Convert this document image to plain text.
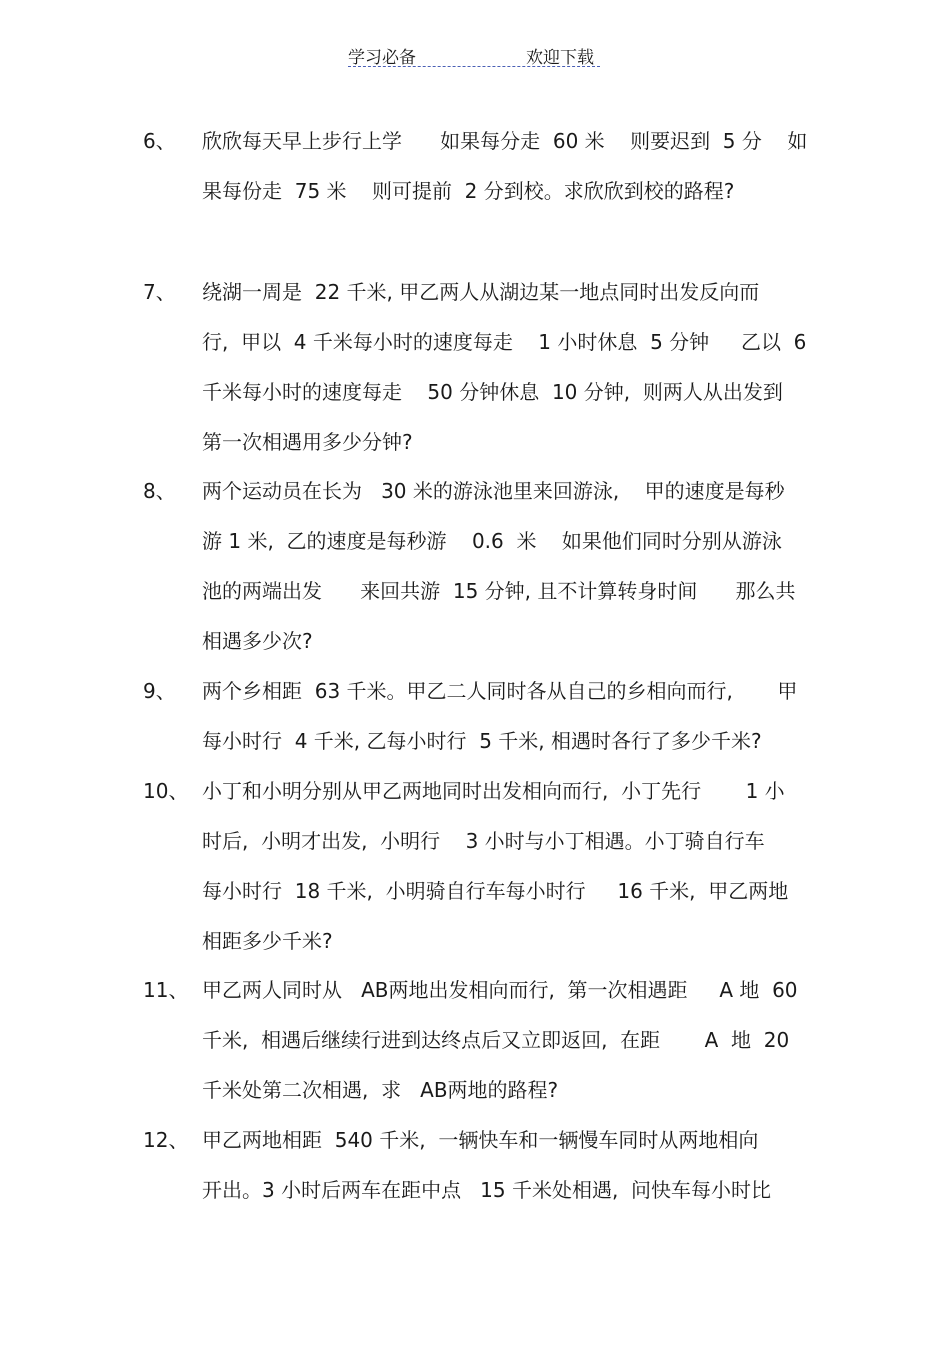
学习必备	欢迎下载
6、 欣欣每天早上步行上学      如果每分走  60 米    则要迟到  5 分    如
果每份走  75 米    则可提前  2 分到校。求欣欣到校的路程?
7、 绕湖一周是  22 千米, 甲乙两人从湖边某一地点同时出发反向而
行,  甲以  4 千米每小时的速度每走    1 小时休息  5 分钟     乙以  6
千米每小时的速度每走    50 分钟休息  10 分钟,  则两人从出发到
第一次相遇用多少分钟?
8、 两个运动员在长为   30 米的游泳池里来回游泳,    甲的速度是每秒
游 1 米,  乙的速度是每秒游    0.6  米    如果他们同时分别从游泳
池的两端出发      来回共游  15 分钟, 且不计算转身时间      那么共
相遇多少次?
9、 两个乡相距  63 千米。甲乙二人同时各从自己的乡相向而行,       甲
每小时行  4 千米, 乙每小时行  5 千米, 相遇时各行了多少千米?
10、 小丁和小明分别从甲乙两地同时出发相向而行,  小丁先行       1 小
时后,  小明才出发,  小明行    3 小时与小丁相遇。小丁骑自行车
每小时行  18 千米,  小明骑自行车每小时行     16 千米,  甲乙两地
相距多少千米?
11、 甲乙两人同时从   AB两地出发相向而行,  第一次相遇距     A 地  60
千米,  相遇后继续行进到达终点后又立即返回,  在距       A  地  20
千米处第二次相遇,  求   AB两地的路程?
12、 甲乙两地相距  540 千米,  一辆快车和一辆慢车同时从两地相向
开出。3 小时后两车在距中点   15 千米处相遇,  问快车每小时比
